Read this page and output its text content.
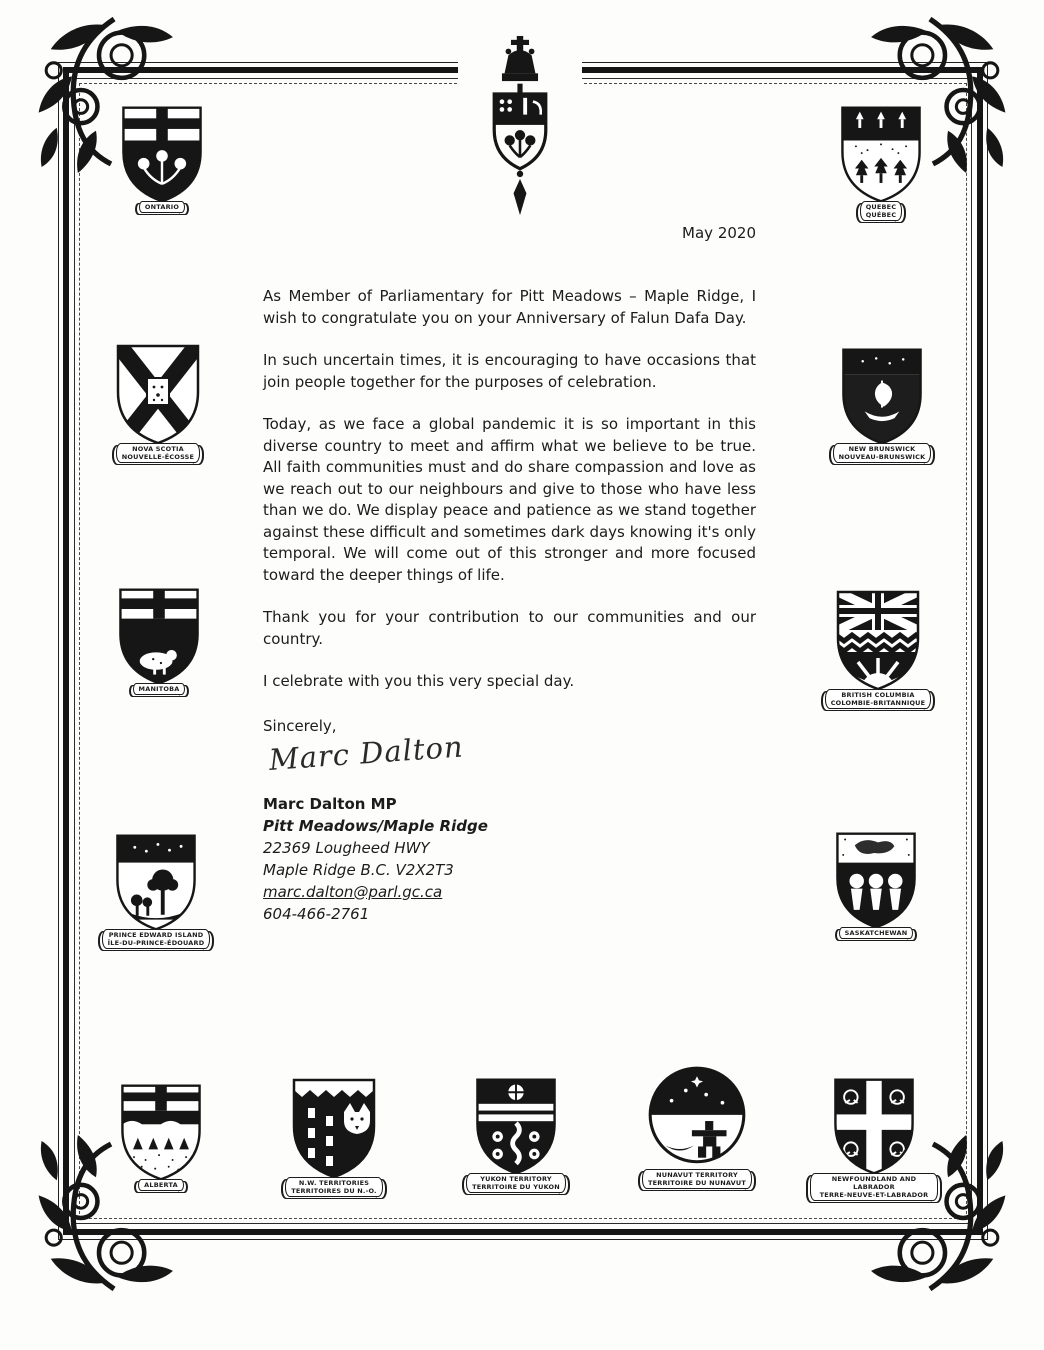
ONTARIO	QUEBEC
QUÉBEC
NOVA SCOTIA
NOUVELLE-ÉCOSSE
NEW BRUNSWICK
NOUVEAU-BRUNSWICK
MANITOBA
BRITISH COLUMBIA
COLOMBIE-BRITANNIQUE
PRINCE EDWARD ISLAND
ÎLE-DU-PRINCE-ÉDOUARD
SASKATCHEWAN
ALBERTA	N.W. TERRITORIES
TERRITOIRES DU N.-O.
YUKON TERRITORY
TERRITOIRE DU YUKON
NUNAVUT TERRITORY
TERRITOIRE DU NUNAVUT
NEWFOUNDLAND AND LABRADOR
TERRE-NEUVE-ET-LABRADOR
May 2020

As Member of Parliamentary for Pitt Meadows – Maple Ridge, I wish to congratulate you on your Anniversary of Falun Dafa Day.

In such uncertain times, it is encouraging to have occasions that join people together for the purposes of celebration.

Today, as we face a global pandemic it is so important in this diverse country to meet and affirm what we believe to be true. All faith communities must and do share compassion and love as we reach out to our neighbours and give to those who have less than we do. We display peace and patience as we stand together against these difficult and sometimes dark days knowing it's only temporal. We will come out of this stronger and more focused toward the deeper things of life.

Thank you for your contribution to our communities and our country.

I celebrate with you this very special day.

Sincerely,
Marc Dalton
Marc Dalton MP
Pitt Meadows/Maple Ridge
22369 Lougheed HWY
Maple Ridge B.C. V2X2T3
marc.dalton@parl.gc.ca
604-466-2761
